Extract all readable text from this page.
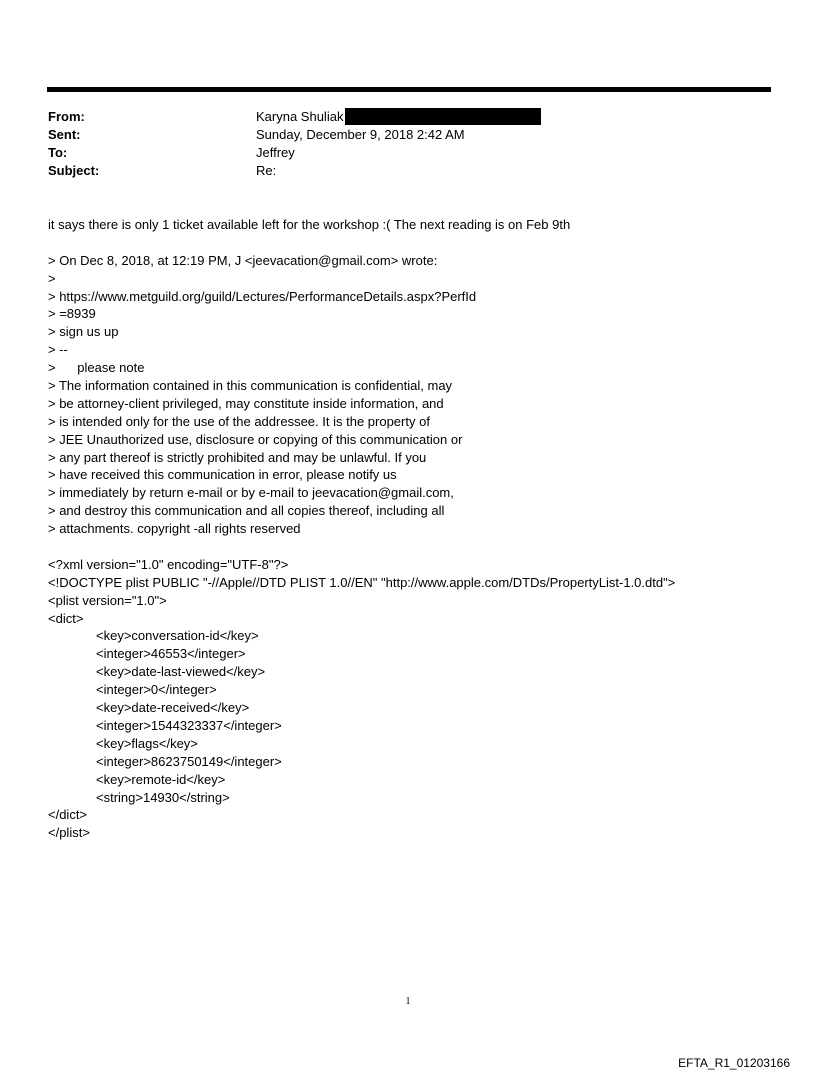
From:	Karyna Shuliak
Sent:	Sunday, December 9, 2018 2:42 AM
To:	Jeffrey
Subject:	Re:
it says there is only 1 ticket available left for the workshop :( The next reading is on Feb 9th
> On Dec 8, 2018, at 12:19 PM, J <jeevacation@gmail.com> wrote:
>
> https://www.metguild.org/guild/Lectures/PerformanceDetails.aspx?PerfId
> =8939
> sign us up
> --
>      please note
> The information contained in this communication is confidential, may
> be attorney-client privileged, may constitute inside information, and
> is intended only for the use of the addressee. It is the property of
> JEE Unauthorized use, disclosure or copying of this communication or
> any part thereof is strictly prohibited and may be unlawful. If you
> have received this communication in error, please notify us
> immediately by return e-mail or by e-mail to jeevacation@gmail.com,
> and destroy this communication and all copies thereof, including all
> attachments. copyright -all rights reserved
<?xml version="1.0" encoding="UTF-8"?>
<!DOCTYPE plist PUBLIC "-//Apple//DTD PLIST 1.0//EN" "http://www.apple.com/DTDs/PropertyList-1.0.dtd">
<plist version="1.0">
<dict>
<key>conversation-id</key>
<integer>46553</integer>
<key>date-last-viewed</key>
<integer>0</integer>
<key>date-received</key>
<integer>1544323337</integer>
<key>flags</key>
<integer>8623750149</integer>
<key>remote-id</key>
<string>14930</string>
</dict>
</plist>
1
EFTA_R1_01203166
